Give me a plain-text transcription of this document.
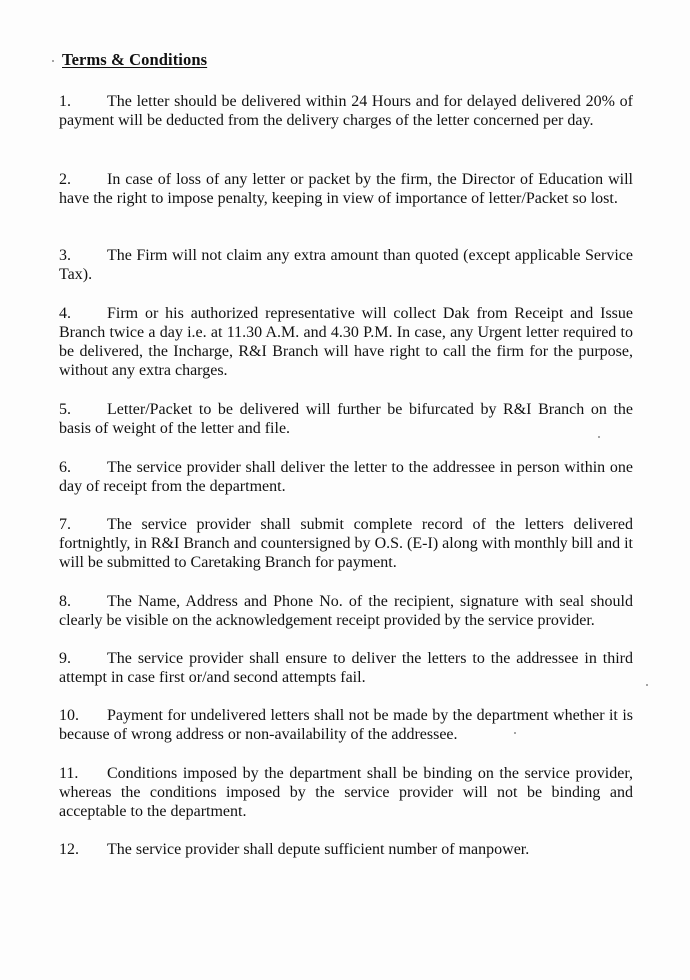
Terms & Conditions
1. The letter should be delivered within 24 Hours and for delayed delivered 20% of payment will be deducted from the delivery charges of the letter concerned per day.
2. In case of loss of any letter or packet by the firm, the Director of Education will have the right to impose penalty, keeping in view of importance of letter/Packet so lost.
3. The Firm will not claim any extra amount than quoted (except applicable Service Tax).
4. Firm or his authorized representative will collect Dak from Receipt and Issue Branch twice a day i.e. at 11.30 A.M. and 4.30 P.M. In case, any Urgent letter required to be delivered, the Incharge, R&I Branch will have right to call the firm for the purpose, without any extra charges.
5. Letter/Packet to be delivered will further be bifurcated by R&I Branch on the basis of weight of the letter and file.
6. The service provider shall deliver the letter to the addressee in person within one day of receipt from the department.
7. The service provider shall submit complete record of the letters delivered fortnightly, in R&I Branch and countersigned by O.S. (E-I) along with monthly bill and it will be submitted to Caretaking Branch for payment.
8. The Name, Address and Phone No. of the recipient, signature with seal should clearly be visible on the acknowledgement receipt provided by the service provider.
9. The service provider shall ensure to deliver the letters to the addressee in third attempt in case first or/and second attempts fail.
10. Payment for undelivered letters shall not be made by the department whether it is because of wrong address or non-availability of the addressee.
11. Conditions imposed by the department shall be binding on the service provider, whereas the conditions imposed by the service provider will not be binding and acceptable to the department.
12. The service provider shall depute sufficient number of manpower.
